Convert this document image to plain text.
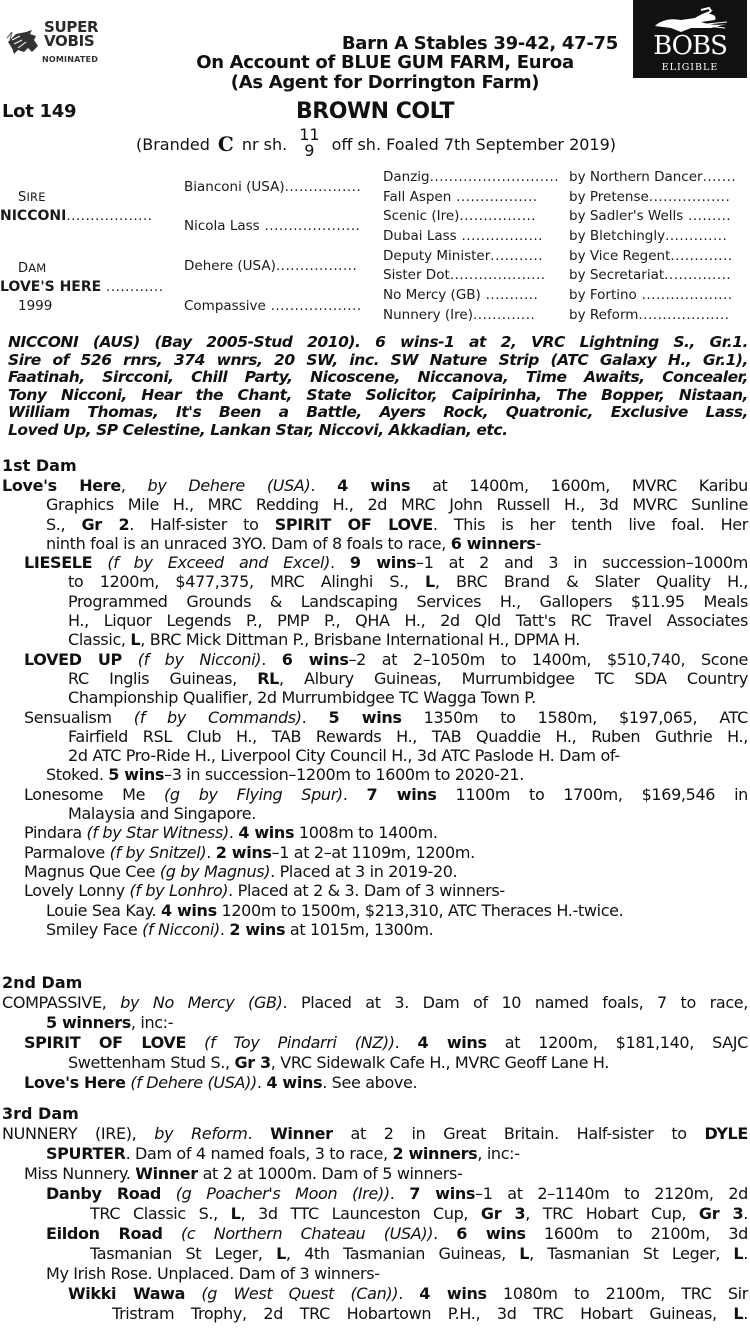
SUPER
VOBIS
NOMINATED	BOBS
ELIGIBLE
Barn A Stables 39-42, 47-75
On Account of BLUE GUM FARM, Euroa
(As Agent for Dorrington Farm)
Lot 149	BROWN COLT
(Branded C nr sh. 11
9 off sh. Foaled 7th September 2019)
SIRE
NICCONI..................
DAM
LOVE'S HERE ............
1999
Bianconi (USA)................
Nicola Lass ....................
Dehere (USA).................
Compassive ...................
Danzig...........................
Fall Aspen .................
Scenic (Ire)................
Dubai Lass .................
Deputy Minister...........
Sister Dot....................
No Mercy (GB) ...........
Nunnery (Ire).............
by Northern Dancer.......
by Pretense.................
by Sadler's Wells .........
by Bletchingly.............
by Vice Regent.............
by Secretariat..............
by Fortino ...................
by Reform...................
NICCONI (AUS) (Bay 2005-Stud 2010). 6 wins-1 at 2, VRC Lightning S., Gr.1.
Sire of 526 rnrs, 374 wnrs, 20 SW, inc. SW Nature Strip (ATC Galaxy H., Gr.1),
Faatinah, Sircconi, Chill Party, Nicoscene, Niccanova, Time Awaits, Concealer,
Tony Nicconi, Hear the Chant, State Solicitor, Caipirinha, The Bopper, Nistaan,
William Thomas, It's Been a Battle, Ayers Rock, Quatronic, Exclusive Lass,
Loved Up, SP Celestine, Lankan Star, Niccovi, Akkadian, etc.
1st Dam
Love's Here, by Dehere (USA). 4 wins at 1400m, 1600m, MVRC Karibu
Graphics Mile H., MRC Redding H., 2d MRC John Russell H., 3d MVRC Sunline
S., Gr 2. Half-sister to SPIRIT OF LOVE. This is her tenth live foal. Her
ninth foal is an unraced 3YO. Dam of 8 foals to race, 6 winners-
LIESELE (f by Exceed and Excel). 9 wins–1 at 2 and 3 in succession–1000m
to 1200m, $477,375, MRC Alinghi S., L, BRC Brand & Slater Quality H.,
Programmed Grounds & Landscaping Services H., Gallopers $11.95 Meals
H., Liquor Legends P., PMP P., QHA H., 2d Qld Tatt's RC Travel Associates
Classic, L, BRC Mick Dittman P., Brisbane International H., DPMA H.
LOVED UP (f by Nicconi). 6 wins–2 at 2–1050m to 1400m, $510,740, Scone
RC Inglis Guineas, RL, Albury Guineas, Murrumbidgee TC SDA Country
Championship Qualifier, 2d Murrumbidgee TC Wagga Town P.
Sensualism (f by Commands). 5 wins 1350m to 1580m, $197,065, ATC
Fairfield RSL Club H., TAB Rewards H., TAB Quaddie H., Ruben Guthrie H.,
2d ATC Pro-Ride H., Liverpool City Council H., 3d ATC Paslode H. Dam of-
Stoked. 5 wins–3 in succession–1200m to 1600m to 2020-21.
Lonesome Me (g by Flying Spur). 7 wins 1100m to 1700m, $169,546 in
Malaysia and Singapore.
Pindara (f by Star Witness). 4 wins 1008m to 1400m.
Parmalove (f by Snitzel). 2 wins–1 at 2–at 1109m, 1200m.
Magnus Que Cee (g by Magnus). Placed at 3 in 2019-20.
Lovely Lonny (f by Lonhro). Placed at 2 & 3. Dam of 3 winners-
Louie Sea Kay. 4 wins 1200m to 1500m, $213,310, ATC Theraces H.-twice.
Smiley Face (f Nicconi). 2 wins at 1015m, 1300m.
2nd Dam
COMPASSIVE, by No Mercy (GB). Placed at 3. Dam of 10 named foals, 7 to race,
5 winners, inc:-
SPIRIT OF LOVE (f Toy Pindarri (NZ)). 4 wins at 1200m, $181,140, SAJC
Swettenham Stud S., Gr 3, VRC Sidewalk Cafe H., MVRC Geoff Lane H.
Love's Here (f Dehere (USA)). 4 wins. See above.
3rd Dam
NUNNERY (IRE), by Reform. Winner at 2 in Great Britain. Half-sister to DYLE
SPURTER. Dam of 4 named foals, 3 to race, 2 winners, inc:-
Miss Nunnery. Winner at 2 at 1000m. Dam of 5 winners-
Danby Road (g Poacher's Moon (Ire)). 7 wins–1 at 2–1140m to 2120m, 2d
TRC Classic S., L, 3d TTC Launceston Cup, Gr 3, TRC Hobart Cup, Gr 3.
Eildon Road (c Northern Chateau (USA)). 6 wins 1600m to 2100m, 3d
Tasmanian St Leger, L, 4th Tasmanian Guineas, L, Tasmanian St Leger, L.
My Irish Rose. Unplaced. Dam of 3 winners-
Wikki Wawa (g West Quest (Can)). 4 wins 1080m to 2100m, TRC Sir
Tristram Trophy, 2d TRC Hobartown P.H., 3d TRC Hobart Guineas, L.
